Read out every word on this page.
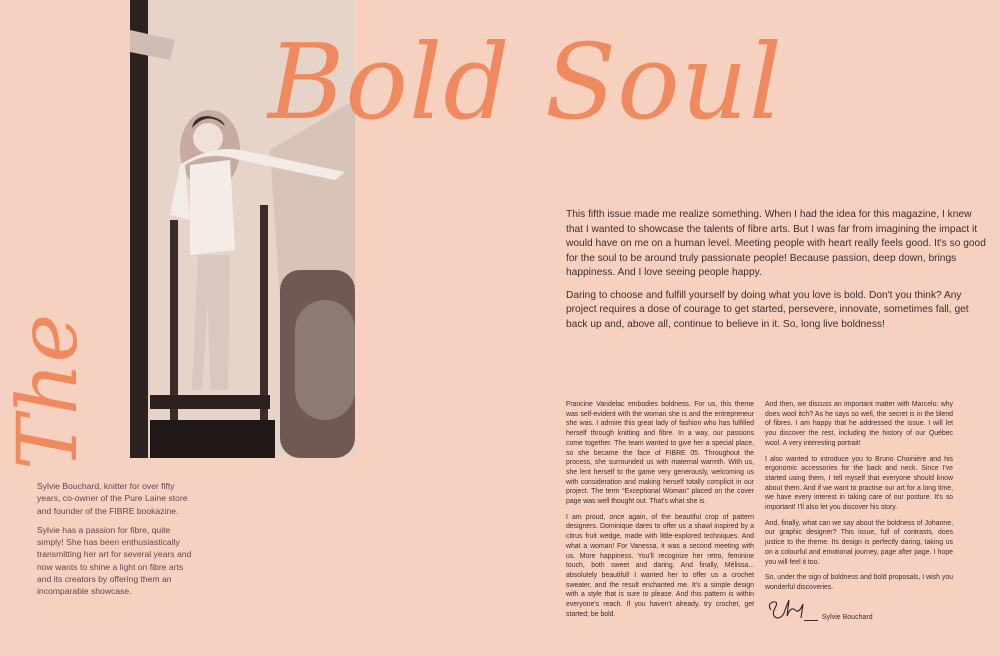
Bold Soul
The

This fifth issue made me realize something. When I had the idea for this magazine, I knew that I wanted to showcase the talents of fibre arts. But I was far from imagining the impact it would have on me on a human level. Meeting people with heart really feels good. It's so good for the soul to be around truly passionate people! Because passion, deep down, brings happiness. And I love seeing people happy.

Daring to choose and fulfill yourself by doing what you love is bold. Don't you think? Any project requires a dose of courage to get started, persevere, innovate, sometimes fall, get back up and, above all, continue to believe in it. So, long live boldness!

Sylvie Bouchard, knitter for over fifty years, co-owner of the Pure Laine store and founder of the FIBRE bookazine.

Sylvie has a passion for fibre, quite simply! She has been enthusiastically transmitting her art for several years and now wants to shine a light on fibre arts and its creators by offering them an incomparable showcase.

Francine Vandelac embodies boldness. For us, this theme was self-evident with the woman she is and the entrepreneur she was. I admire this great lady of fashion who has fulfilled herself through knitting and fibre. In a way, our passions come together. The team wanted to give her a special place, so she became the face of FIBRE 05. Throughout the process, she surrounded us with maternal warmth. With us, she lent herself to the game very generously, welcoming us with consideration and making herself totally complicit in our project. The term “Exceptional Woman” placed on the cover page was well thought out. That's what she is.

I am proud, once again, of the beautiful crop of pattern designers. Dominique dares to offer us a shawl inspired by a citrus fruit wedge, made with little-explored techniques. And what a woman! For Vanessa, it was a second meeting with us. More happiness. You'll recognize her retro, feminine touch, both sweet and daring. And finally, Mélissa... absolutely beautiful! I wanted her to offer us a crochet sweater, and the result enchanted me. It's a simple design with a style that is sure to please. And this pattern is within everyone's reach. If you haven't already, try crochet, get started; be bold.

And then, we discuss an important matter with Marcelo: why does wool itch? As he says so well, the secret is in the blend of fibres. I am happy that he addressed the issue. I will let you discover the rest, including the history of our Québec wool. A very interesting portrait!

I also wanted to introduce you to Bruno Choinière and his ergonomic accessories for the back and neck. Since I've started using them, I tell myself that everyone should know about them. And if we want to practise our art for a long time, we have every interest in taking care of our posture. It's so important! I'll also let you discover his story.

And, finally, what can we say about the boldness of Johanne, our graphic designer? This issue, full of contrasts, does justice to the theme. Its design is perfectly daring, taking us on a colourful and emotional journey, page after page. I hope you will feel it too.

So, under the sign of boldness and bold proposals, I wish you wonderful discoveries.

Sylvie Bouchard
